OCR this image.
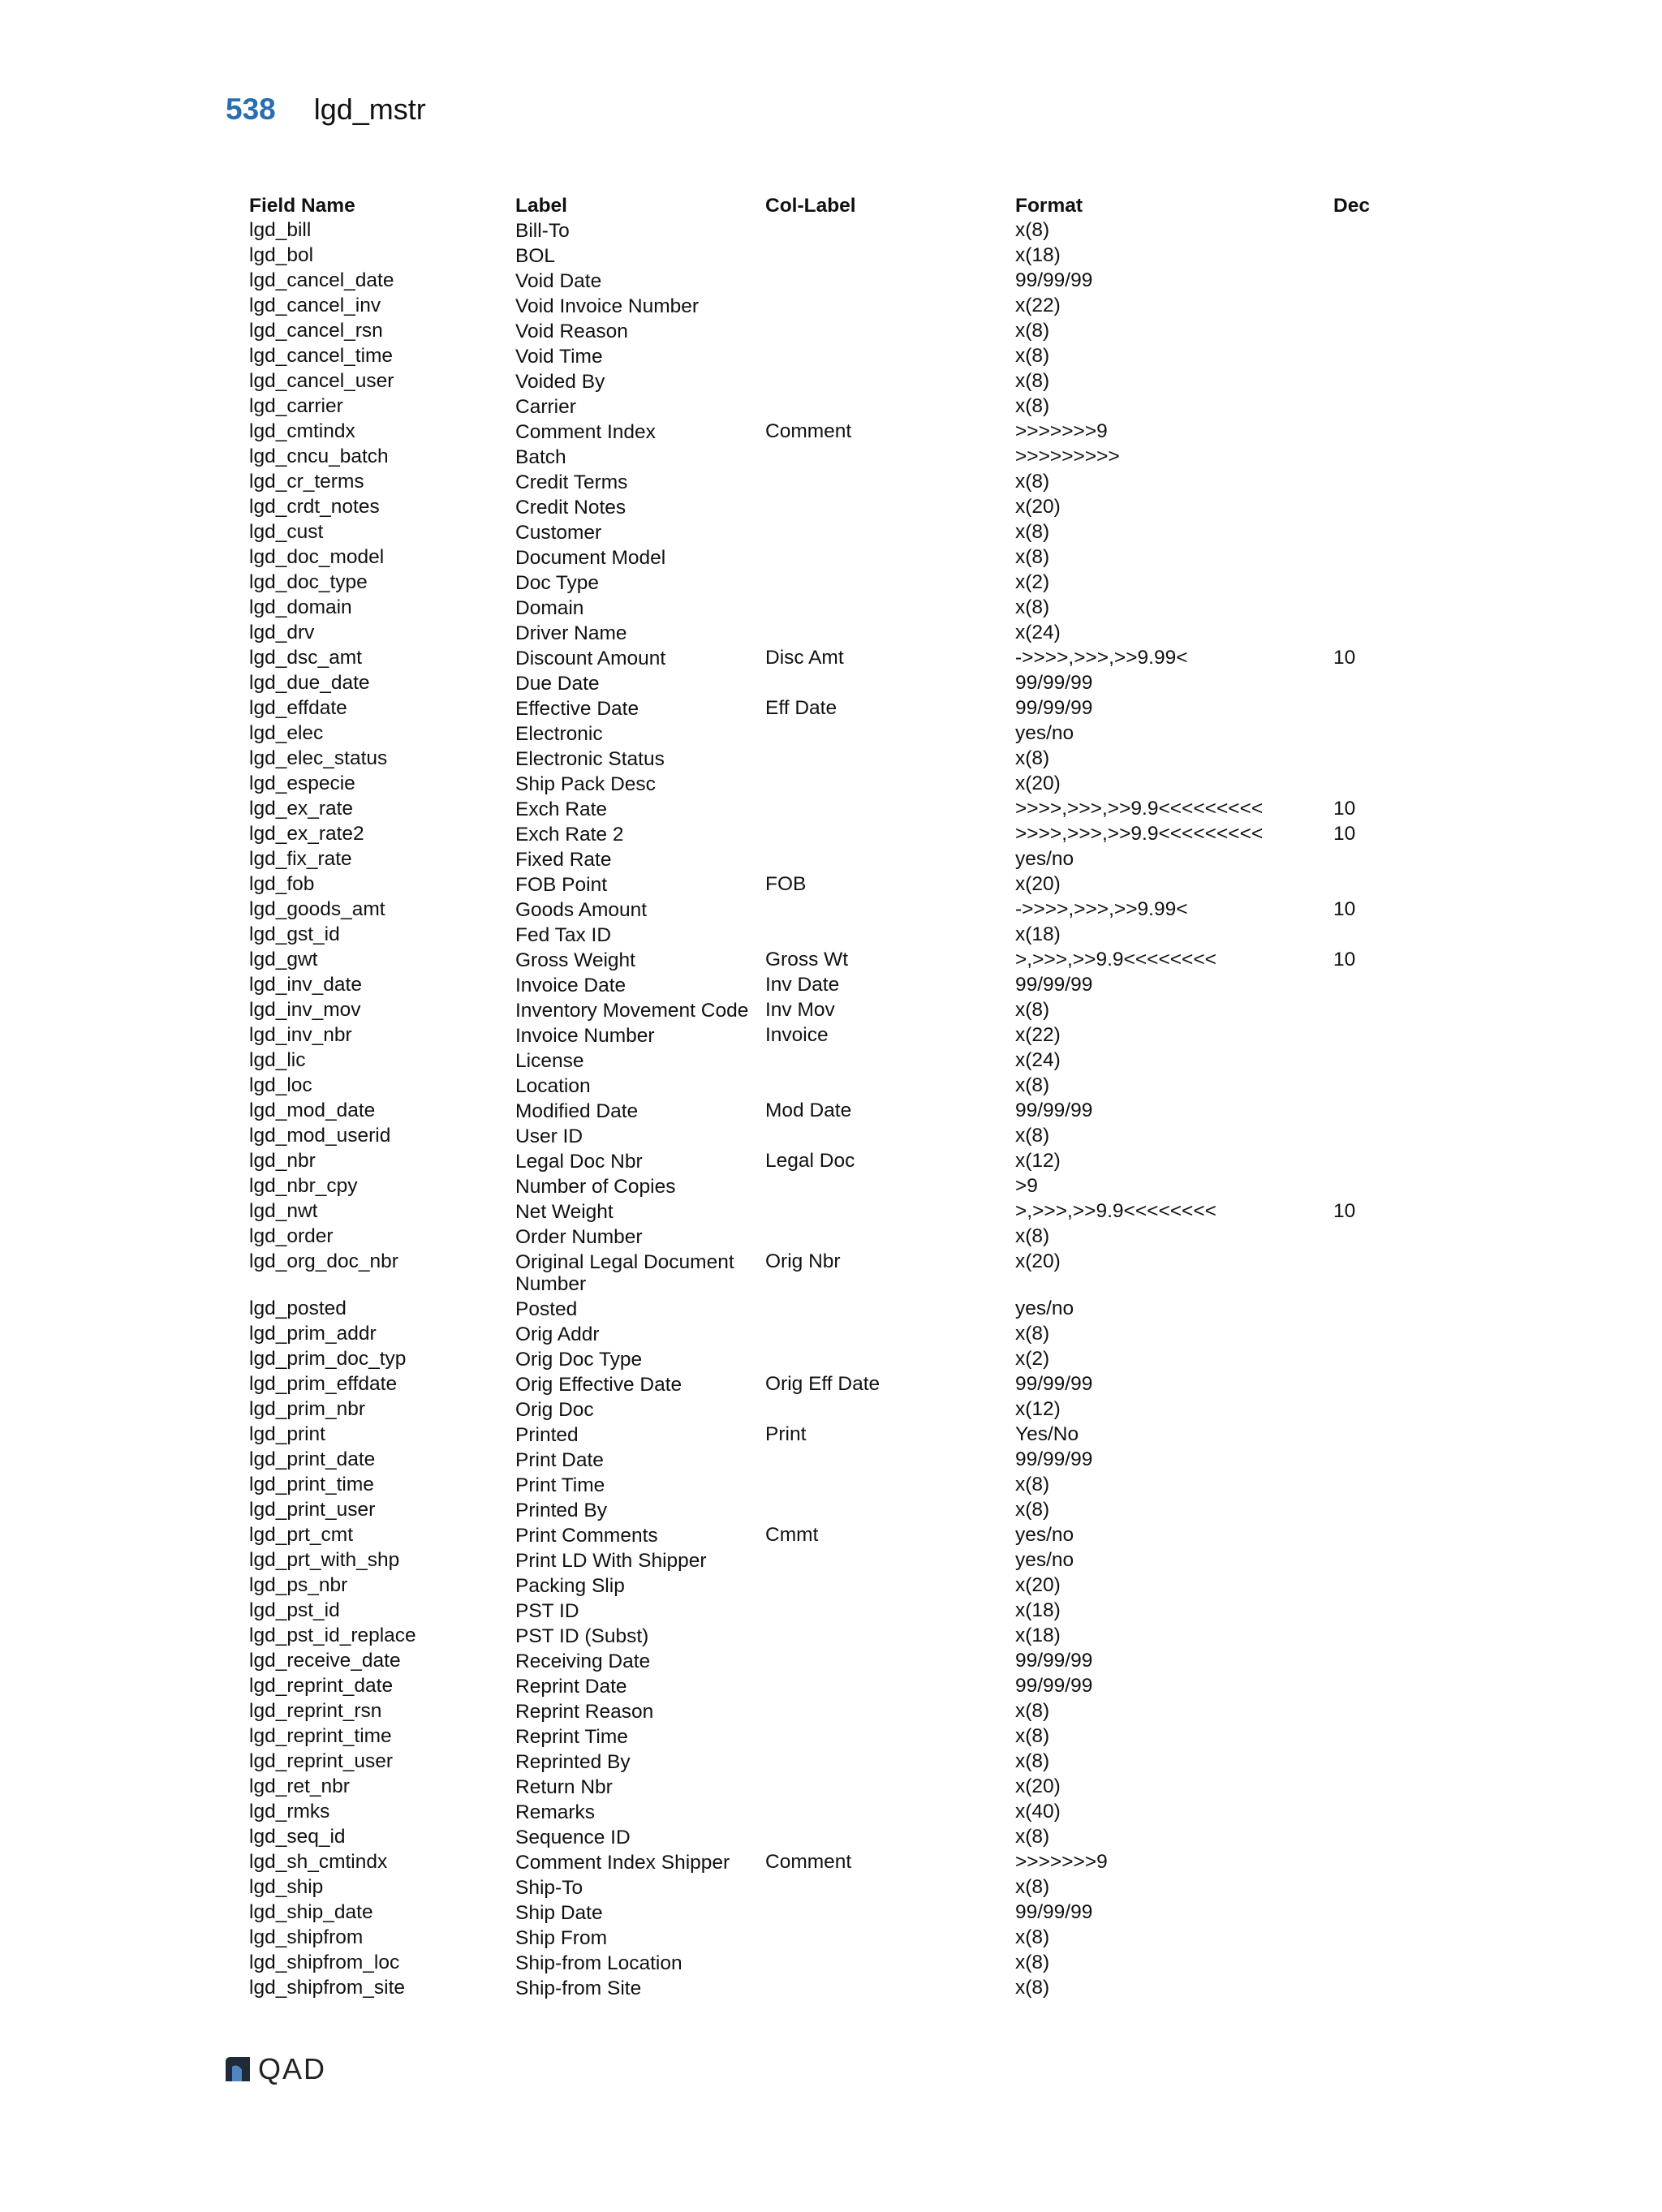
538 lgd_mstr
Field Name	Label	Col-Label	Format	Dec
lgd_bill	Bill-To		x(8)	
lgd_bol	BOL		x(18)	
lgd_cancel_date	Void Date		99/99/99	
lgd_cancel_inv	Void Invoice Number		x(22)	
lgd_cancel_rsn	Void Reason		x(8)	
lgd_cancel_time	Void Time		x(8)	
lgd_cancel_user	Voided By		x(8)	
lgd_carrier	Carrier		x(8)	
lgd_cmtindx	Comment Index	Comment	>>>>>>>9	
lgd_cncu_batch	Batch		>>>>>>>>>	
lgd_cr_terms	Credit Terms		x(8)	
lgd_crdt_notes	Credit Notes		x(20)	
lgd_cust	Customer		x(8)	
lgd_doc_model	Document Model		x(8)	
lgd_doc_type	Doc Type		x(2)	
lgd_domain	Domain		x(8)	
lgd_drv	Driver Name		x(24)	
lgd_dsc_amt	Discount Amount	Disc Amt	->>>>,>>>,>>9.99<	10
lgd_due_date	Due Date		99/99/99	
lgd_effdate	Effective Date	Eff Date	99/99/99	
lgd_elec	Electronic		yes/no	
lgd_elec_status	Electronic Status		x(8)	
lgd_especie	Ship Pack Desc		x(20)	
lgd_ex_rate	Exch Rate		>>>>,>>>,>>9.9<<<<<<<<<	10
lgd_ex_rate2	Exch Rate 2		>>>>,>>>,>>9.9<<<<<<<<<	10
lgd_fix_rate	Fixed Rate		yes/no	
lgd_fob	FOB Point	FOB	x(20)	
lgd_goods_amt	Goods Amount		->>>>,>>>,>>9.99<	10
lgd_gst_id	Fed Tax ID		x(18)	
lgd_gwt	Gross Weight	Gross Wt	>,>>>,>>9.9<<<<<<<<	10
lgd_inv_date	Invoice Date	Inv Date	99/99/99	
lgd_inv_mov	Inventory Movement Code	Inv Mov	x(8)	
lgd_inv_nbr	Invoice Number	Invoice	x(22)	
lgd_lic	License		x(24)	
lgd_loc	Location		x(8)	
lgd_mod_date	Modified Date	Mod Date	99/99/99	
lgd_mod_userid	User ID		x(8)	
lgd_nbr	Legal Doc Nbr	Legal Doc	x(12)	
lgd_nbr_cpy	Number of Copies		>9	
lgd_nwt	Net Weight		>,>>>,>>9.9<<<<<<<<	10
lgd_order	Order Number		x(8)	
lgd_org_doc_nbr	Original Legal Document Number	Orig Nbr	x(20)	
lgd_posted	Posted		yes/no	
lgd_prim_addr	Orig Addr		x(8)	
lgd_prim_doc_typ	Orig Doc Type		x(2)	
lgd_prim_effdate	Orig Effective Date	Orig Eff Date	99/99/99	
lgd_prim_nbr	Orig Doc		x(12)	
lgd_print	Printed	Print	Yes/No	
lgd_print_date	Print Date		99/99/99	
lgd_print_time	Print Time		x(8)	
lgd_print_user	Printed By		x(8)	
lgd_prt_cmt	Print Comments	Cmmt	yes/no	
lgd_prt_with_shp	Print LD With Shipper		yes/no	
lgd_ps_nbr	Packing Slip		x(20)	
lgd_pst_id	PST ID		x(18)	
lgd_pst_id_replace	PST ID (Subst)		x(18)	
lgd_receive_date	Receiving Date		99/99/99	
lgd_reprint_date	Reprint Date		99/99/99	
lgd_reprint_rsn	Reprint Reason		x(8)	
lgd_reprint_time	Reprint Time		x(8)	
lgd_reprint_user	Reprinted By		x(8)	
lgd_ret_nbr	Return Nbr		x(20)	
lgd_rmks	Remarks		x(40)	
lgd_seq_id	Sequence ID		x(8)	
lgd_sh_cmtindx	Comment Index Shipper	Comment	>>>>>>>9	
lgd_ship	Ship-To		x(8)	
lgd_ship_date	Ship Date		99/99/99	
lgd_shipfrom	Ship From		x(8)	
lgd_shipfrom_loc	Ship-from Location		x(8)	
lgd_shipfrom_site	Ship-from Site		x(8)	
QAD
